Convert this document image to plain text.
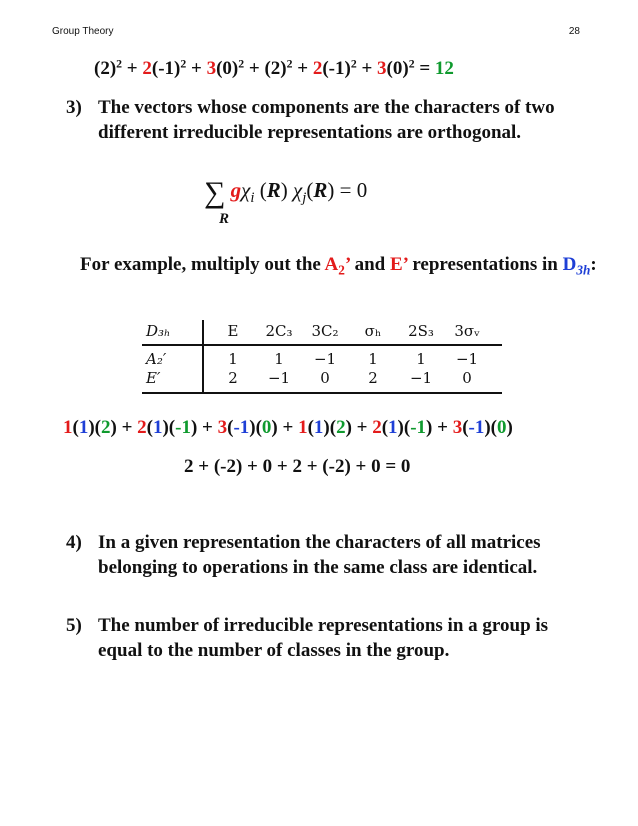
Group Theory	28
$(2)^2 + 2(-1)^2 + 3(0)^2 + (2)^2 + 2(-1)^2 + 3(0)^2 = 12$
3) The vectors whose components are the characters of two different irreducible representations are orthogonal.
∑
R
$g\chi_i$ (R) $\chi_j(R) = 0$
For example, multiply out the $A_2$’ and E’ representations in $D_{3h}$:
D₃ₕ	E	2C₃	3C₂	σₕ	2S₃	3σᵥ
A₂′	1	1	−1	1	1	−1
E′	2	−1	0	2	−1	0
1(1)(2) + 2(1)(-1) + 3(-1)(0) + 1(1)(2) + 2(1)(-1) + 3(-1)(0)
2 + (-2) + 0 + 2 + (-2) + 0 = 0
4) In a given representation the characters of all matrices belonging to operations in the same class are identical.
5) The number of irreducible representations in a group is equal to the number of classes in the group.
